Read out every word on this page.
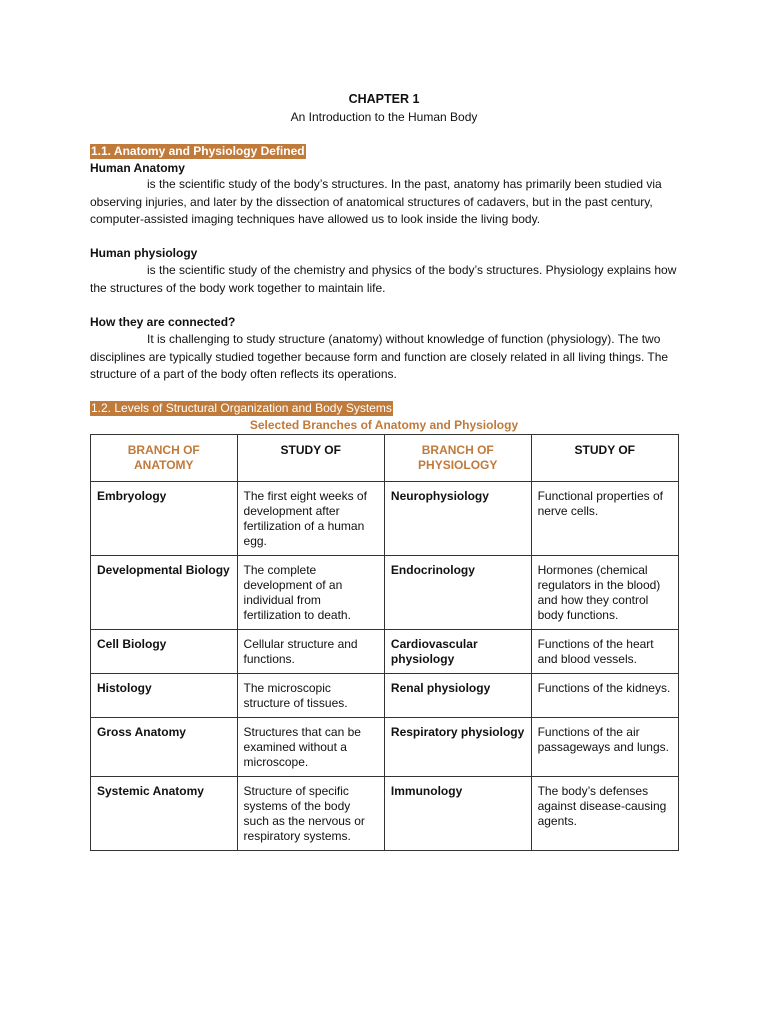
CHAPTER 1
An Introduction to the Human Body
1.1. Anatomy and Physiology Defined
Human Anatomy

is the scientific study of the body’s structures. In the past, anatomy has primarily been studied via observing injuries, and later by the dissection of anatomical structures of cadavers, but in the past century, computer-assisted imaging techniques have allowed us to look inside the living body.

Human physiology

is the scientific study of the chemistry and physics of the body’s structures. Physiology explains how the structures of the body work together to maintain life.

How they are connected?

It is challenging to study structure (anatomy) without knowledge of function (physiology). The two disciplines are typically studied together because form and function are closely related in all living things. The structure of a part of the body often reflects its operations.

1.2. Levels of Structural Organization and Body Systems
Selected Branches of Anatomy and Physiology
BRANCH OF ANATOMY	STUDY OF	BRANCH OF PHYSIOLOGY	STUDY OF
Embryology	The first eight weeks of development after fertilization of a human egg.	Neurophysiology	Functional properties of nerve cells.
Developmental Biology	The complete development of an individual from fertilization to death.	Endocrinology	Hormones (chemical regulators in the blood) and how they control body functions.
Cell Biology	Cellular structure and functions.	Cardiovascular physiology	Functions of the heart and blood vessels.
Histology	The microscopic structure of tissues.	Renal physiology	Functions of the kidneys.
Gross Anatomy	Structures that can be examined without a microscope.	Respiratory physiology	Functions of the air passageways and lungs.
Systemic Anatomy	Structure of specific systems of the body such as the nervous or respiratory systems.	Immunology	The body’s defenses against disease-causing agents.
